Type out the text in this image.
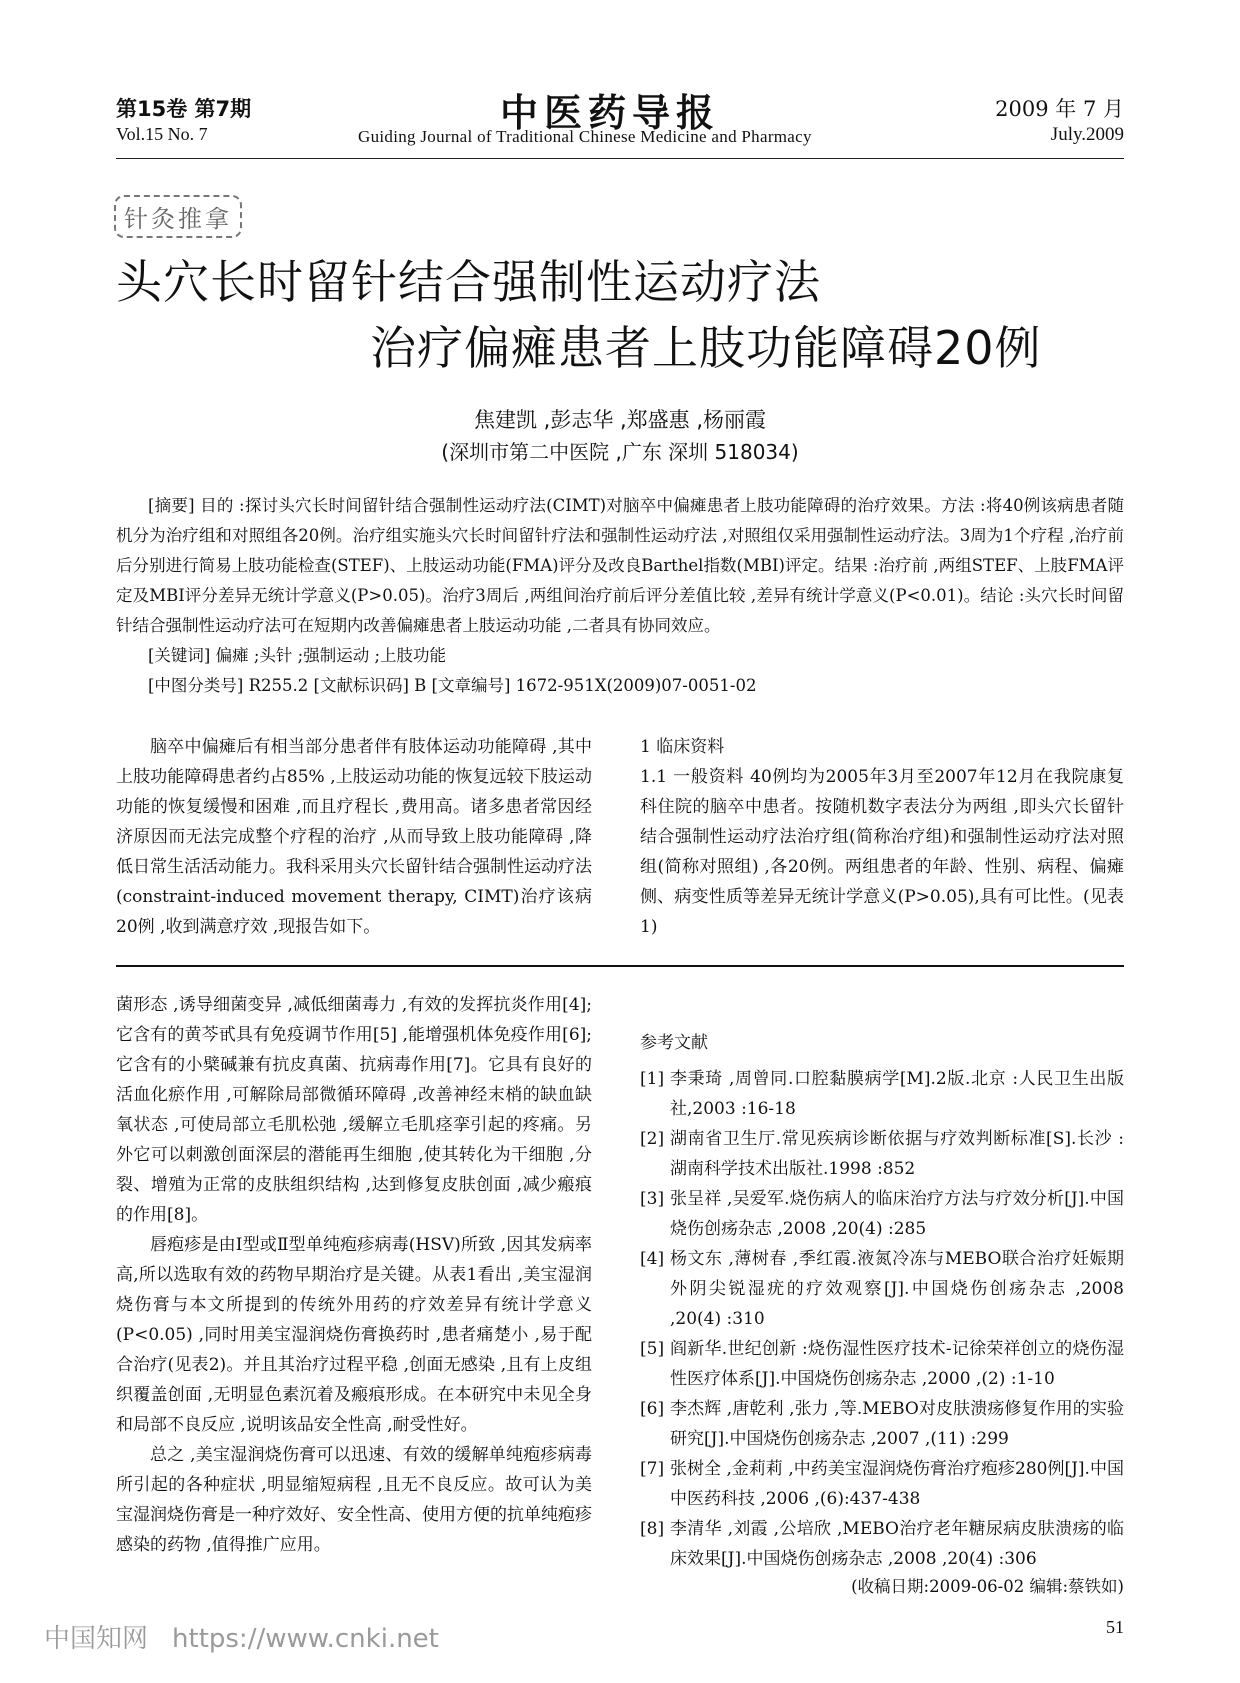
第15卷 第7期
Vol.15 No. 7	中医药导报
Guiding Journal of Traditional Chinese Medicine and Pharmacy
2009 年 7 月
July.2009
针灸推拿
头穴长时留针结合强制性运动疗法
治疗偏瘫患者上肢功能障碍20例
焦建凯 ,彭志华 ,郑盛惠 ,杨丽霞
(深圳市第二中医院 ,广东 深圳 518034)
[摘要] 目的 :探讨头穴长时间留针结合强制性运动疗法(CIMT)对脑卒中偏瘫患者上肢功能障碍的治疗效果。方法 :将40例该病患者随机分为治疗组和对照组各20例。治疗组实施头穴长时间留针疗法和强制性运动疗法 ,对照组仅采用强制性运动疗法。3周为1个疗程 ,治疗前后分别进行简易上肢功能检查(STEF)、上肢运动功能(FMA)评分及改良Barthel指数(MBI)评定。结果 :治疗前 ,两组STEF、上肢FMA评定及MBI评分差异无统计学意义(P>0.05)。治疗3周后 ,两组间治疗前后评分差值比较 ,差异有统计学意义(P<0.01)。结论 :头穴长时间留针结合强制性运动疗法可在短期内改善偏瘫患者上肢运动功能 ,二者具有协同效应。
[关键词] 偏瘫 ;头针 ;强制运动 ;上肢功能
[中图分类号] R255.2 [文献标识码] B [文章编号] 1672-951X(2009)07-0051-02

脑卒中偏瘫后有相当部分患者伴有肢体运动功能障碍 ,其中上肢功能障碍患者约占85% ,上肢运动功能的恢复远较下肢运动功能的恢复缓慢和困难 ,而且疗程长 ,费用高。诸多患者常因经济原因而无法完成整个疗程的治疗 ,从而导致上肢功能障碍 ,降低日常生活活动能力。我科采用头穴长留针结合强制性运动疗法 (constraint-induced movement therapy, CIMT)治疗该病20例 ,收到满意疗效 ,现报告如下。

1 临床资料

1.1 一般资料 40例均为2005年3月至2007年12月在我院康复科住院的脑卒中患者。按随机数字表法分为两组 ,即头穴长留针结合强制性运动疗法治疗组(简称治疗组)和强制性运动疗法对照组(简称对照组) ,各20例。两组患者的年龄、性别、病程、偏瘫侧、病变性质等差异无统计学意义(P>0.05),具有可比性。(见表1)

菌形态 ,诱导细菌变异 ,减低细菌毒力 ,有效的发挥抗炎作用[4];它含有的黄芩甙具有免疫调节作用[5] ,能增强机体免疫作用[6];它含有的小檗碱兼有抗皮真菌、抗病毒作用[7]。它具有良好的活血化瘀作用 ,可解除局部微循环障碍 ,改善神经末梢的缺血缺氧状态 ,可使局部立毛肌松弛 ,缓解立毛肌痉挛引起的疼痛。另外它可以刺激创面深层的潜能再生细胞 ,使其转化为干细胞 ,分裂、增殖为正常的皮肤组织结构 ,达到修复皮肤创面 ,减少瘢痕的作用[8]。

唇疱疹是由Ⅰ型或Ⅱ型单纯疱疹病毒(HSV)所致 ,因其发病率高,所以选取有效的药物早期治疗是关键。从表1看出 ,美宝湿润烧伤膏与本文所提到的传统外用药的疗效差异有统计学意义(P<0.05) ,同时用美宝湿润烧伤膏换药时 ,患者痛楚小 ,易于配合治疗(见表2)。并且其治疗过程平稳 ,创面无感染 ,且有上皮组织覆盖创面 ,无明显色素沉着及瘢痕形成。在本研究中未见全身和局部不良反应 ,说明该品安全性高 ,耐受性好。

总之 ,美宝湿润烧伤膏可以迅速、有效的缓解单纯疱疹病毒所引起的各种症状 ,明显缩短病程 ,且无不良反应。故可认为美宝湿润烧伤膏是一种疗效好、安全性高、使用方便的抗单纯疱疹感染的药物 ,值得推广应用。

参考文献

[1] 李秉琦 ,周曾同.口腔黏膜病学[M].2版.北京 :人民卫生出版社,2003 :16-18
[2] 湖南省卫生厅.常见疾病诊断依据与疗效判断标准[S].长沙 :湖南科学技术出版社.1998 :852
[3] 张呈祥 ,吴爱军.烧伤病人的临床治疗方法与疗效分析[J].中国烧伤创疡杂志 ,2008 ,20(4) :285
[4] 杨文东 ,薄树春 ,季红霞.液氮冷冻与MEBO联合治疗妊娠期外阴尖锐湿疣的疗效观察[J].中国烧伤创疡杂志 ,2008 ,20(4) :310
[5] 阎新华.世纪创新 :烧伤湿性医疗技术-记徐荣祥创立的烧伤湿性医疗体系[J].中国烧伤创疡杂志 ,2000 ,(2) :1-10
[6] 李杰辉 ,唐乾利 ,张力 ,等.MEBO对皮肤溃疡修复作用的实验研究[J].中国烧伤创疡杂志 ,2007 ,(11) :299
[7] 张树全 ,金莉莉 ,中药美宝湿润烧伤膏治疗疱疹280例[J].中国中医药科技 ,2006 ,(6):437-438
[8] 李清华 ,刘霞 ,公培欣 ,MEBO治疗老年糖尿病皮肤溃疡的临床效果[J].中国烧伤创疡杂志 ,2008 ,20(4) :306
(收稿日期:2009-06-02 编辑:蔡铁如)
中国知网 https://www.cnki.net	51
